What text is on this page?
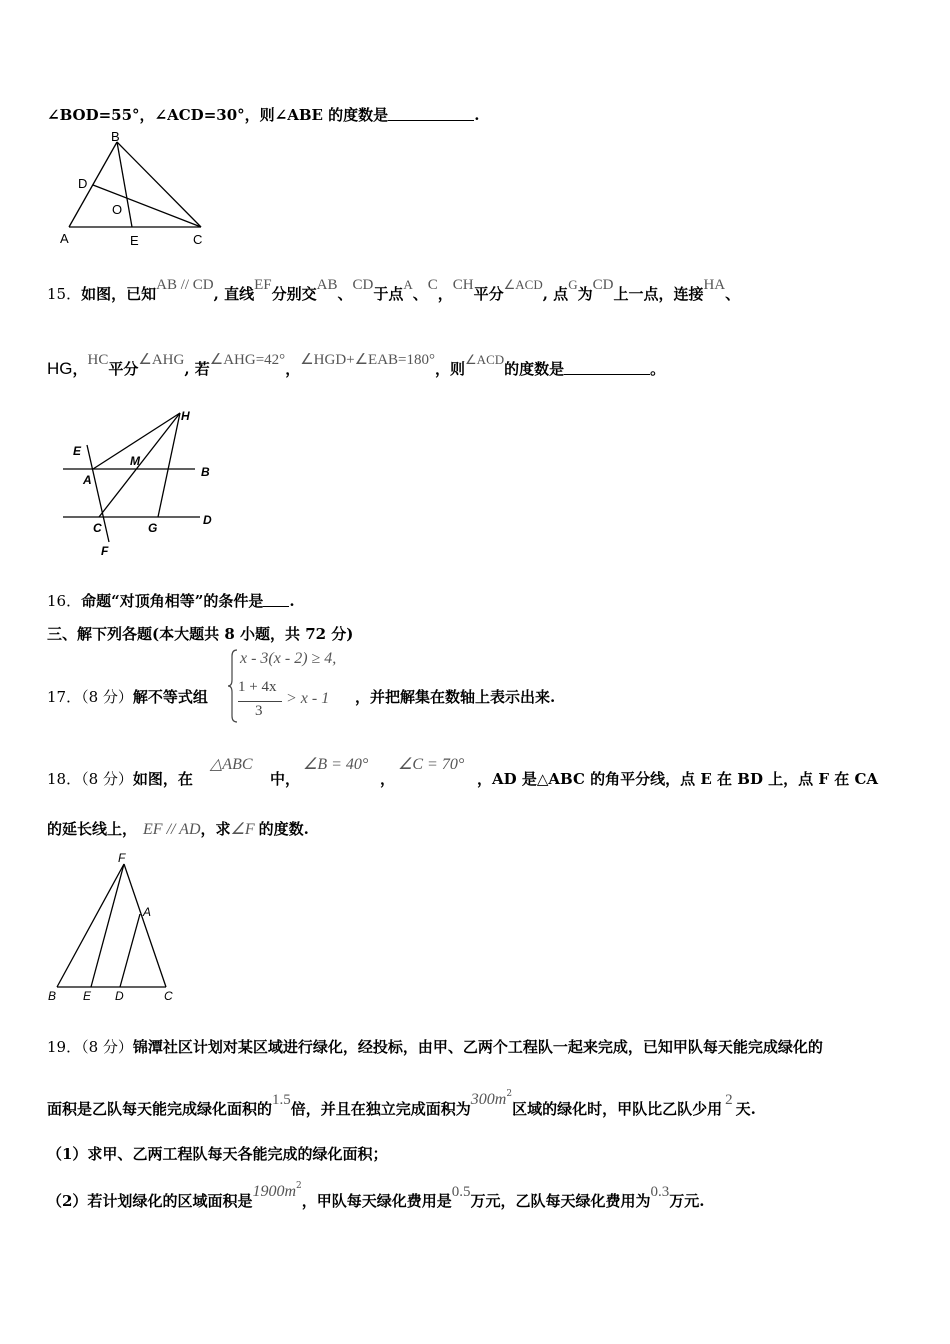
∠BOD=55°，∠ACD=30°，则∠ABE 的度数是	.
B
D
O
A	E	C
15．如图，已知AB // CD, 直线EF分别交AB、CD于点A、C，CH平分∠ACD, 点G为CD上一点，连接HA、
HG，HC平分∠AHG, 若∠AHG=42°，∠HGD+∠EAB=180°，则∠ACD的度数是	。
H
E
M
B
A
C	G
D
F
16．命题“对顶角相等”的条件是 .
三、解下列各题(本大题共 8 小题，共 72 分)
17．（8 分）解不等式组
x - 3(x - 2) ≥ 4,
1 + 4x
3
> x - 1 ，并把解集在数轴上表示出来.
18．（8 分）如图，在
△ABC
中，
∠B = 40°
，
∠C = 70°
，AD 是△ABC 的角平分线，点 E 在 BD 上，点 F 在 CA
的延长线上， EF // AD，求∠F 的度数.
F
A
B E D	C
19．（8 分）锦潭社区计划对某区域进行绿化，经投标，由甲、乙两个工程队一起来完成，已知甲队每天能完成绿化的
面积是乙队每天能完成绿化面积的1.5倍，并且在独立完成面积为$300m^2$区域的绿化时，甲队比乙队少用 2 天.
（1）求甲、乙两工程队每天各能完成的绿化面积；
（2）若计划绿化的区域面积是$1900m^2$，甲队每天绿化费用是0.5万元，乙队每天绿化费用为0.3万元.
